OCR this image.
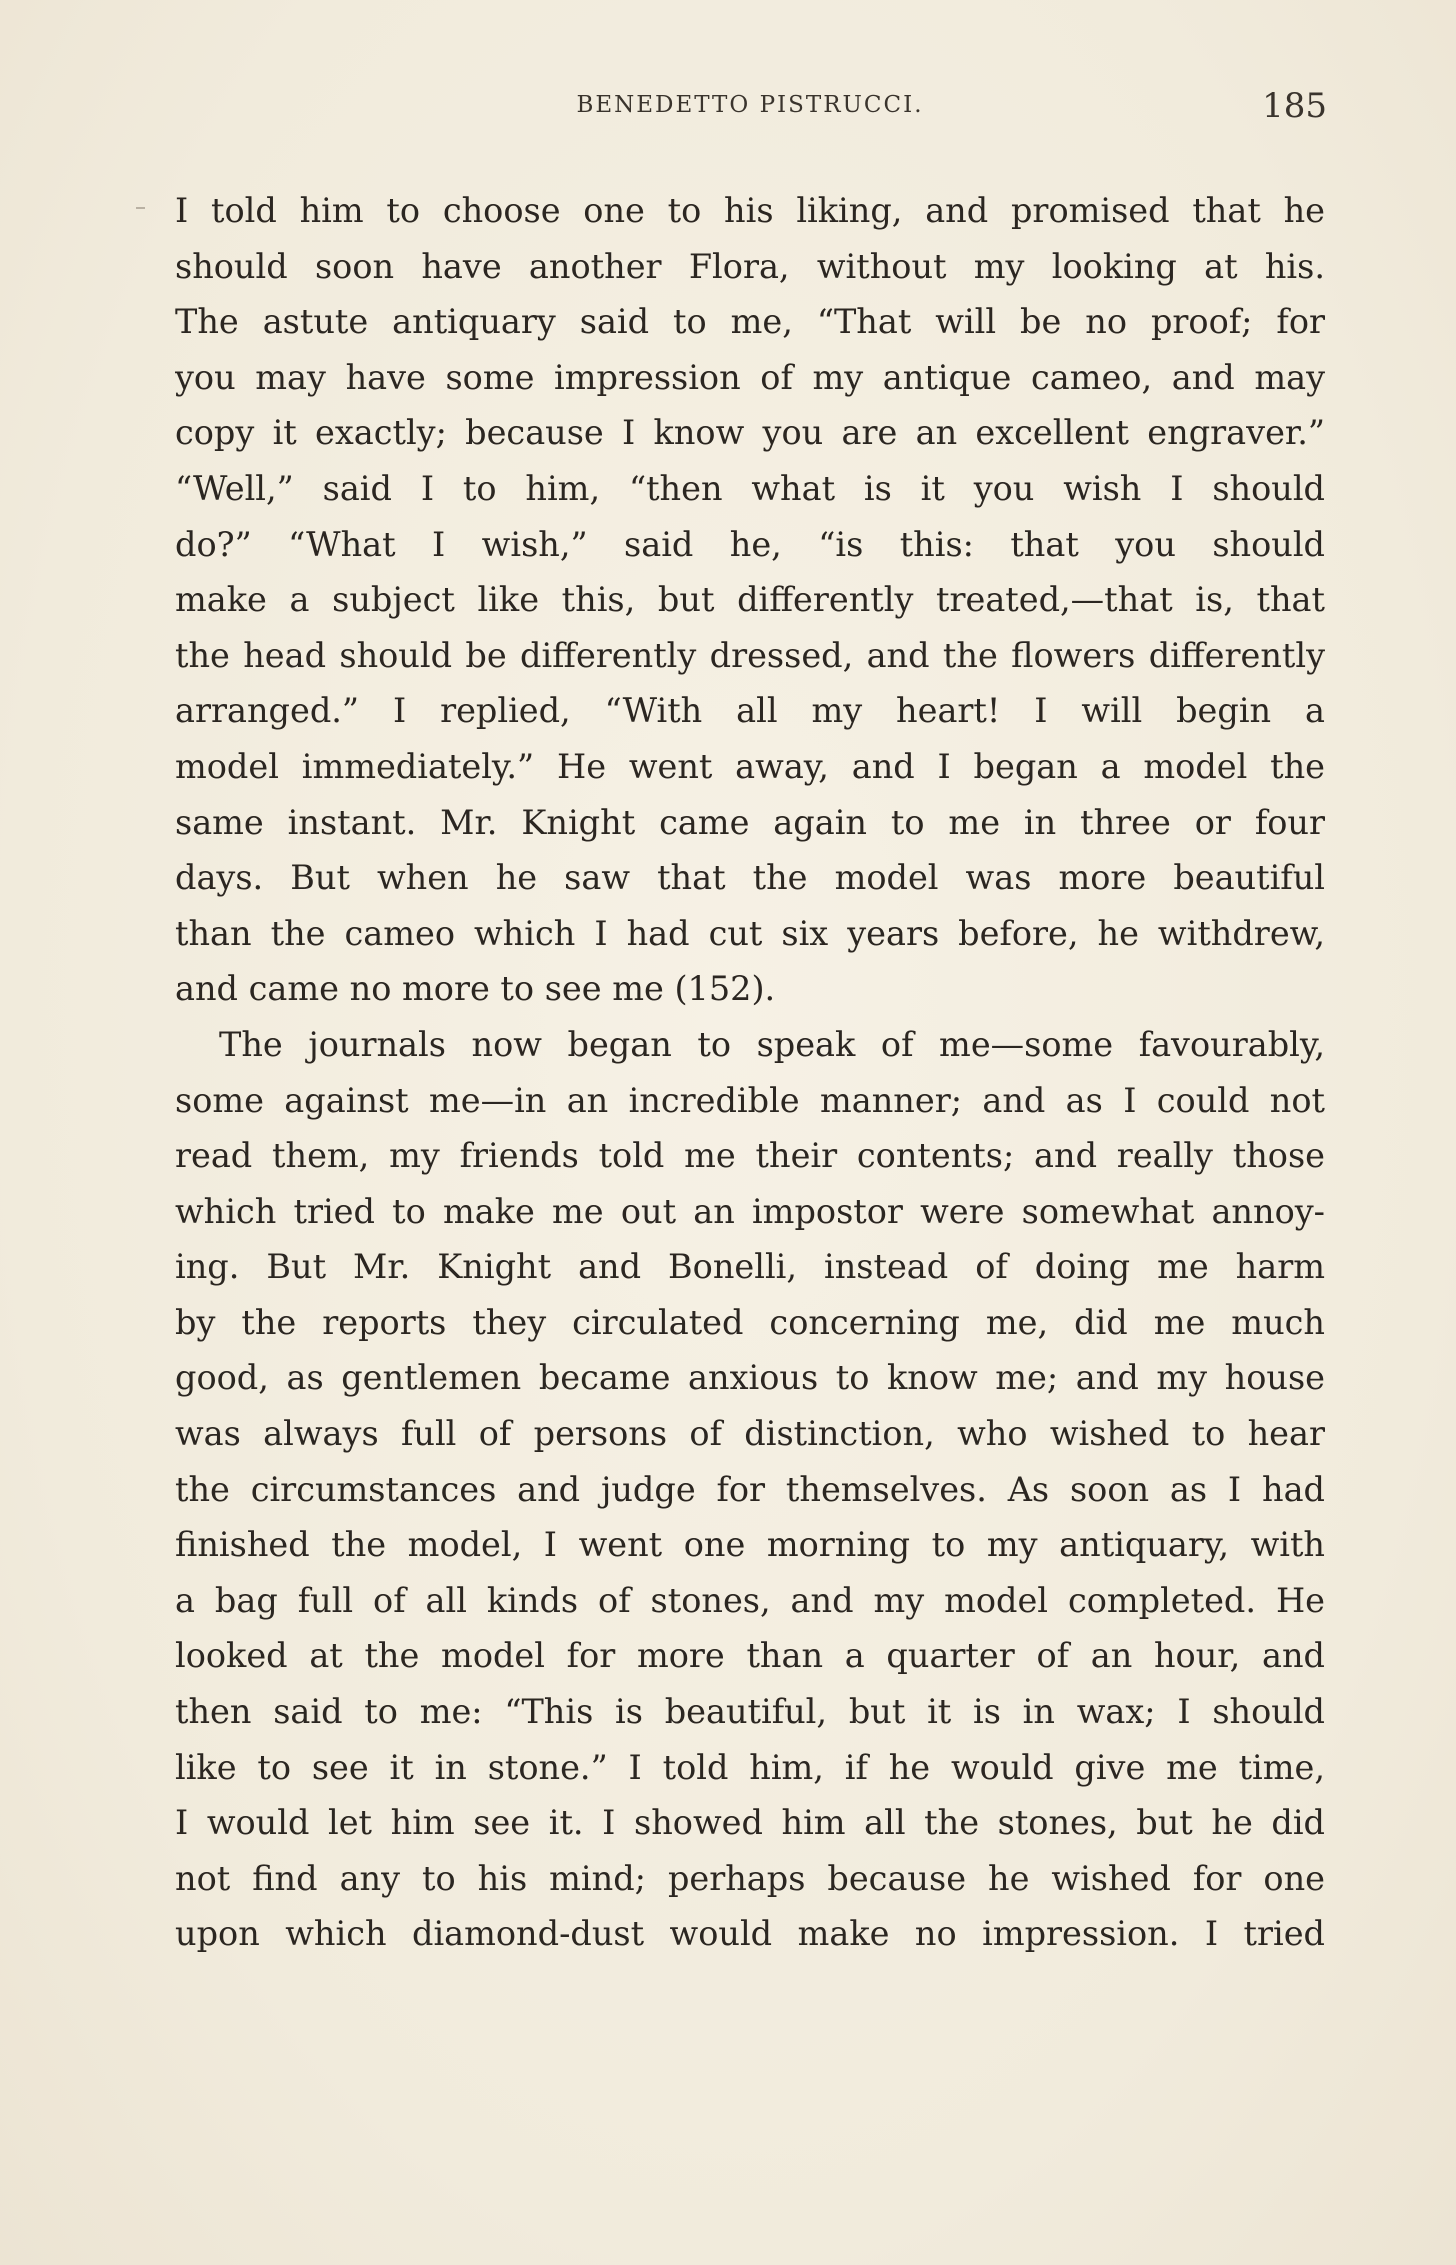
BENEDETTO PISTRUCCI.	185
I told him to choose one to his liking, and promised that he
should soon have another Flora, without my looking at his.
The astute antiquary said to me, “That will be no proof; for
you may have some impression of my antique cameo, and may
copy it exactly; because I know you are an excellent engraver.”
“Well,” said I to him, “then what is it you wish I should
do?” “What I wish,” said he, “is this: that you should
make a subject like this, but differently treated,—that is, that
the head should be differently dressed, and the flowers differently
arranged.” I replied, “With all my heart! I will begin a
model immediately.” He went away, and I began a model the
same instant. Mr. Knight came again to me in three or four
days. But when he saw that the model was more beautiful
than the cameo which I had cut six years before, he withdrew,
and came no more to see me (152).
The journals now began to speak of me—some favourably,
some against me—in an incredible manner; and as I could not
read them, my friends told me their contents; and really those
which tried to make me out an impostor were somewhat annoy-
ing. But Mr. Knight and Bonelli, instead of doing me harm
by the reports they circulated concerning me, did me much
good, as gentlemen became anxious to know me; and my house
was always full of persons of distinction, who wished to hear
the circumstances and judge for themselves. As soon as I had
finished the model, I went one morning to my antiquary, with
a bag full of all kinds of stones, and my model completed. He
looked at the model for more than a quarter of an hour, and
then said to me: “This is beautiful, but it is in wax; I should
like to see it in stone.” I told him, if he would give me time,
I would let him see it. I showed him all the stones, but he did
not find any to his mind; perhaps because he wished for one
upon which diamond-dust would make no impression. I tried
